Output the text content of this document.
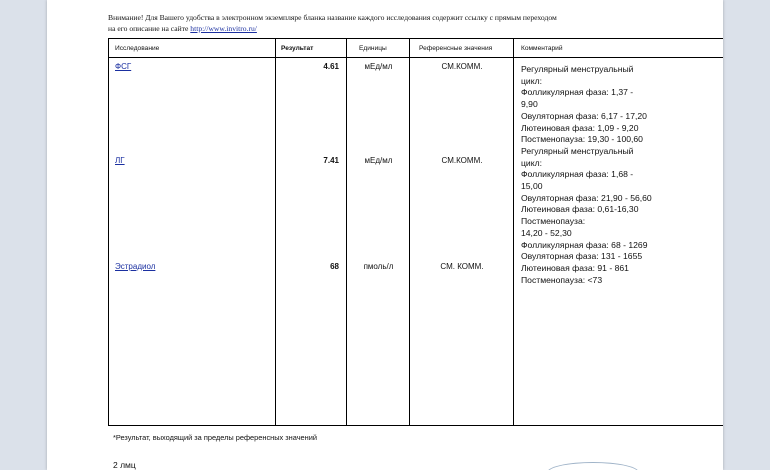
Внимание! Для Вашего удобства в электронном экземпляре бланка название каждого исследования содержит ссылку с прямым переходом
на его описание на сайте http://www.invitro.ru/
Исследование	Результат	Единицы	Референсные значения	Комментарий
ФСГ	4.61	мЕд/мл	СМ.КОММ.
ЛГ	7.41	мЕд/мл	СМ.КОММ.
Эстрадиол	68	пмоль/л	СМ. КОММ.
Регулярный менструальный
цикл:
Фолликулярная фаза: 1,37 -
9,90
Овуляторная фаза: 6,17 - 17,20
Лютеиновая фаза: 1,09 - 9,20
Постменопауза: 19,30 - 100,60
Регулярный менструальный
цикл:
Фолликулярная фаза: 1,68 -
15,00
Овуляторная фаза: 21,90 - 56,60
Лютеиновая фаза: 0,61-16,30
Постменопауза:
14,20 - 52,30
Фолликулярная фаза: 68 - 1269
Овуляторная фаза: 131 - 1655
Лютеиновая фаза: 91 - 861
Постменопауза: <73
*Результат, выходящий за пределы референсных значений
2 лмц
